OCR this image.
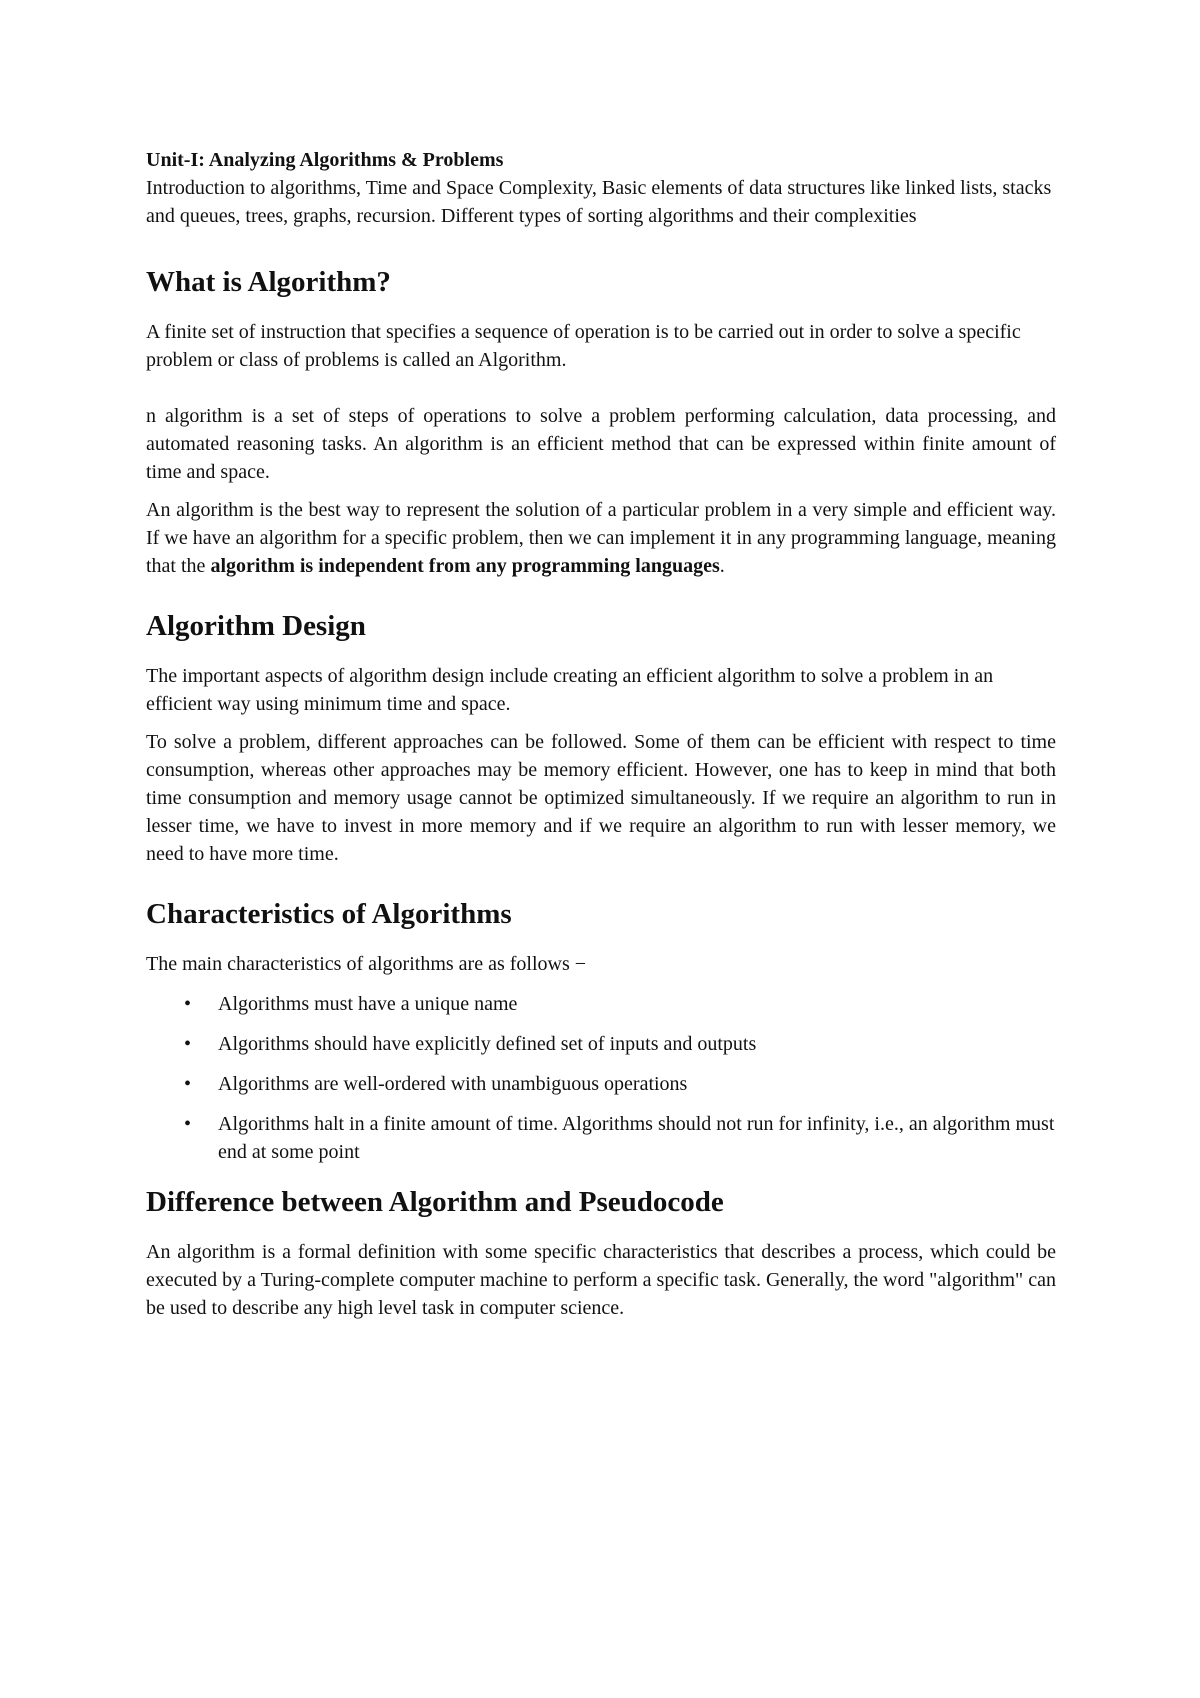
Unit-I: Analyzing Algorithms & Problems

Introduction to algorithms, Time and Space Complexity, Basic elements of data structures like linked lists, stacks and queues, trees, graphs, recursion. Different types of sorting algorithms and their complexities

What is Algorithm?

A finite set of instruction that specifies a sequence of operation is to be carried out in order to solve a specific problem or class of problems is called an Algorithm.

n algorithm is a set of steps of operations to solve a problem performing calculation, data processing, and automated reasoning tasks. An algorithm is an efficient method that can be expressed within finite amount of time and space.

An algorithm is the best way to represent the solution of a particular problem in a very simple and efficient way. If we have an algorithm for a specific problem, then we can implement it in any programming language, meaning that the algorithm is independent from any programming languages.

Algorithm Design

The important aspects of algorithm design include creating an efficient algorithm to solve a problem in an efficient way using minimum time and space.

To solve a problem, different approaches can be followed. Some of them can be efficient with respect to time consumption, whereas other approaches may be memory efficient. However, one has to keep in mind that both time consumption and memory usage cannot be optimized simultaneously. If we require an algorithm to run in lesser time, we have to invest in more memory and if we require an algorithm to run with lesser memory, we need to have more time.

Characteristics of Algorithms

The main characteristics of algorithms are as follows −

• Algorithms must have a unique name
• Algorithms should have explicitly defined set of inputs and outputs
• Algorithms are well-ordered with unambiguous operations
• Algorithms halt in a finite amount of time. Algorithms should not run for infinity, i.e., an algorithm must end at some point
Difference between Algorithm and Pseudocode

An algorithm is a formal definition with some specific characteristics that describes a process, which could be executed by a Turing-complete computer machine to perform a specific task. Generally, the word "algorithm" can be used to describe any high level task in computer science.
